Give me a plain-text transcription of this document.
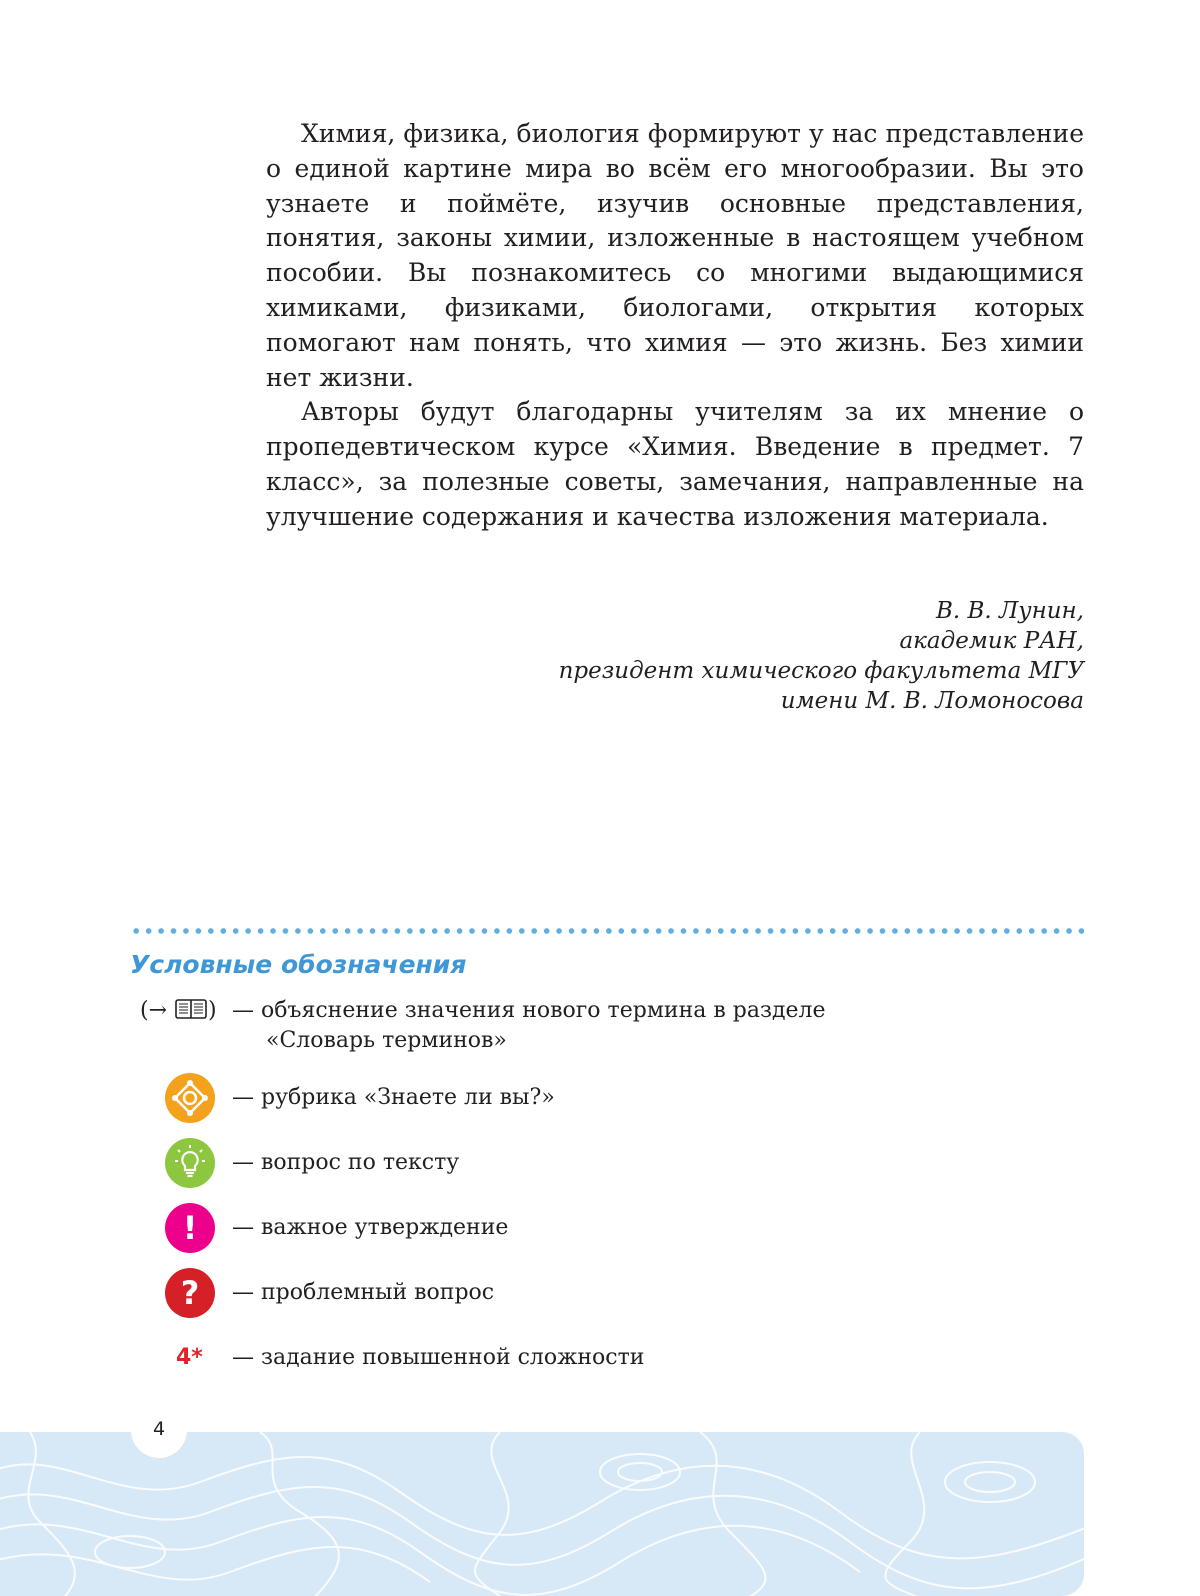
Химия, физика, биология формируют у нас представление о единой картине мира во всём его многообразии. Вы это узнаете и поймёте, изучив основные представления, понятия, законы химии, изложенные в настоящем учебном пособии. Вы познакомитесь со многими выдающимися химиками, физиками, биологами, открытия которых помогают нам понять, что химия — это жизнь. Без химии нет жизни.

Авторы будут благодарны учителям за их мнение о пропедевтическом курсе «Химия. Введение в предмет. 7 класс», за полезные советы, замечания, направленные на улучшение содержания и качества изложения материала.

В. В. Лунин,
академик РАН,
президент химического факультета МГУ
имени М. В. Ломоносова
Условные обозначения
(→ ) — объяснение значения нового термина в разделе
«Словарь терминов»
— рубрика «Знаете ли вы?»
— вопрос по тексту
!	— важное утверждение
?	— проблемный вопрос
4* — задание повышенной сложности
4
